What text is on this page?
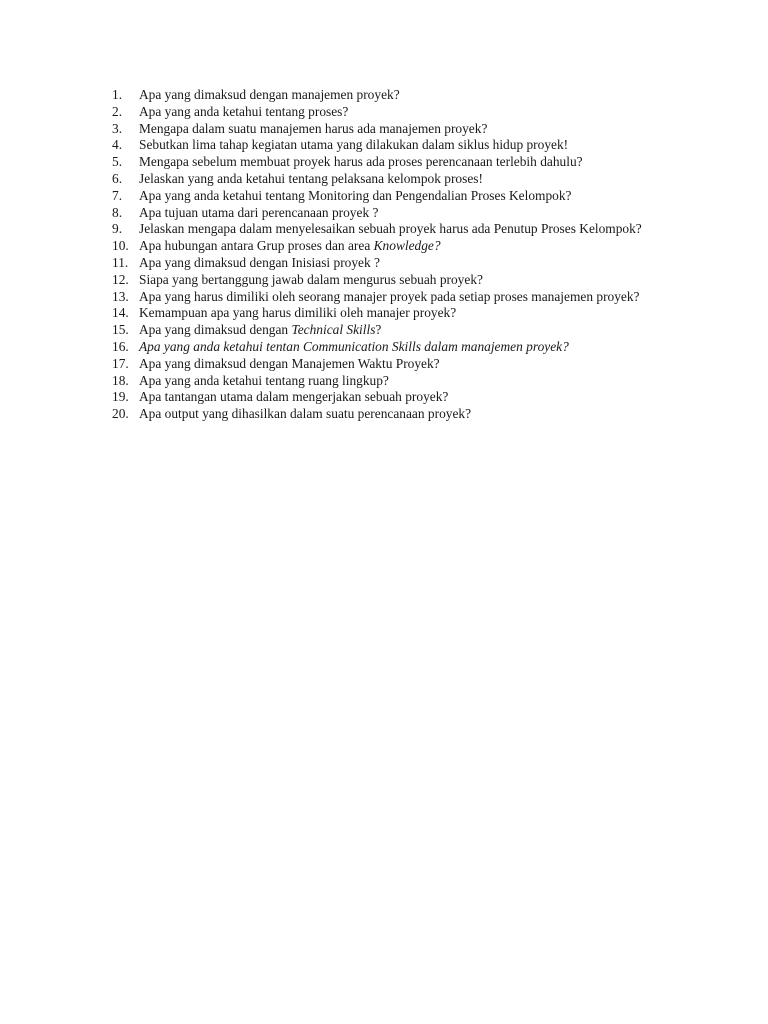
1.	Apa yang dimaksud dengan manajemen proyek?
2.	Apa yang anda ketahui tentang proses?
3.	Mengapa dalam suatu manajemen harus ada manajemen proyek?
4.	Sebutkan lima tahap kegiatan utama yang dilakukan dalam siklus hidup proyek!
5.	Mengapa sebelum membuat proyek harus ada proses perencanaan terlebih dahulu?
6.	Jelaskan yang anda ketahui tentang pelaksana kelompok proses!
7.	Apa yang anda ketahui tentang Monitoring dan Pengendalian Proses Kelompok?
8.	Apa tujuan utama dari perencanaan proyek ?
9.	Jelaskan mengapa dalam menyelesaikan sebuah proyek harus ada Penutup Proses Kelompok?
10. Apa hubungan antara Grup proses dan area Knowledge?
11. Apa yang dimaksud dengan Inisiasi proyek ?
12. Siapa yang bertanggung jawab dalam mengurus sebuah proyek?
13. Apa yang harus dimiliki oleh seorang manajer proyek pada setiap proses manajemen proyek?
14. Kemampuan apa yang harus dimiliki oleh manajer proyek?
15. Apa yang dimaksud dengan Technical Skills?
16. Apa yang anda ketahui tentan Communication Skills dalam manajemen proyek?
17. Apa yang dimaksud dengan Manajemen Waktu Proyek?
18. Apa yang anda ketahui tentang ruang lingkup?
19. Apa tantangan utama dalam mengerjakan sebuah proyek?
20. Apa output yang dihasilkan dalam suatu perencanaan proyek?
